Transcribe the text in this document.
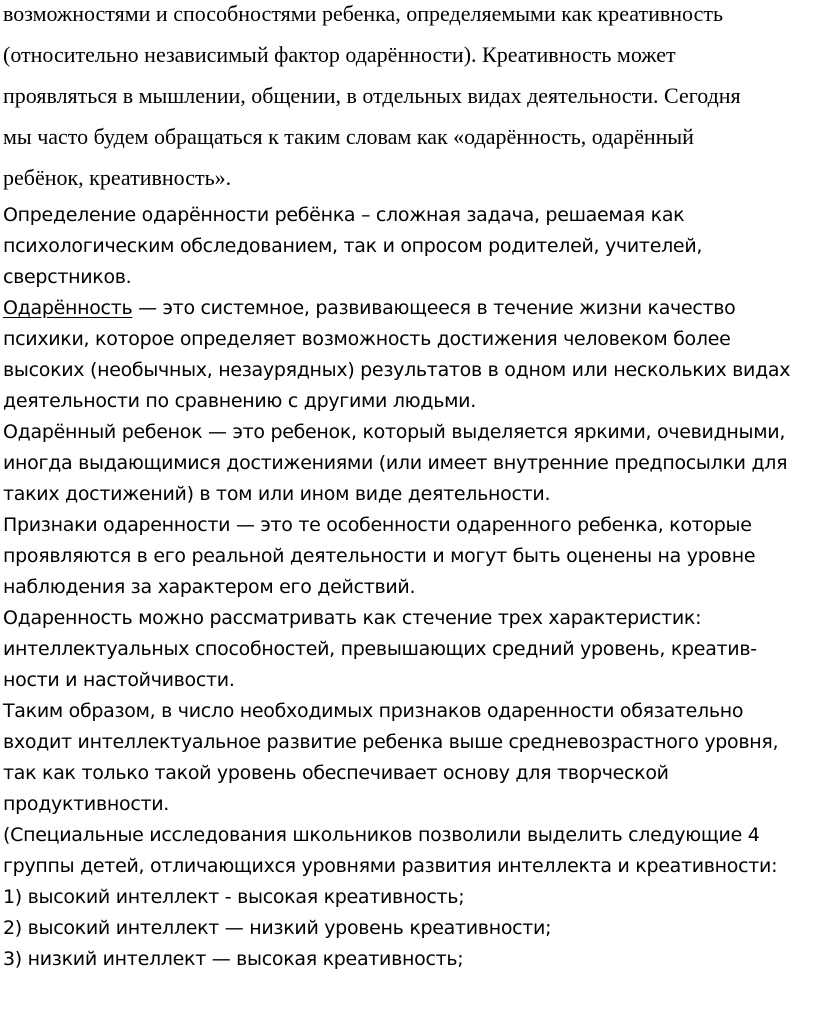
возможностями и способностями ребенка, определяемыми как креативность
(относительно независимый фактор одарённости). Креативность может
проявляться в мышлении, общении, в отдельных видах деятельности. Сегодня
мы часто будем обращаться к таким словам как «одарённость, одарённый
ребёнок, креативность».
Определение одарённости ребёнка – сложная задача, решаемая как
психологическим обследованием, так и опросом родителей, учителей,
сверстников.
Одарённость — это системное, развивающееся в течение жизни качество
психики, которое определяет возможность достижения человеком более
высоких (необычных, незаурядных) результатов в одном или нескольких видах
деятельности по сравнению с другими людьми.
Одарённый ребенок — это ребенок, который выделяется яркими, очевидными,
иногда выдающимися достижениями (или имеет внутренние предпосылки для
таких достижений) в том или ином виде деятельности.
Признаки одаренности — это те особенности одаренного ребенка, которые
проявляются в его реальной деятельности и могут быть оценены на уровне
наблюдения за характером его действий.
Одаренность можно рассматривать как стечение трех характеристик:
интеллектуальных способностей, превышающих средний уровень, креатив-
ности и настойчивости.
Таким образом, в число необходимых признаков одаренности обязательно
входит интеллектуальное развитие ребенка выше средневозрастного уровня,
так как только такой уровень обеспечивает основу для творческой
продуктивности.
(Специальные исследования школьников позволили выделить следующие 4
группы детей, отличающихся уровнями развития интеллекта и креативности:
1) высокий интеллект - высокая креативность;
2) высокий интеллект — низкий уровень креативности;
3) низкий интеллект — высокая креативность;
